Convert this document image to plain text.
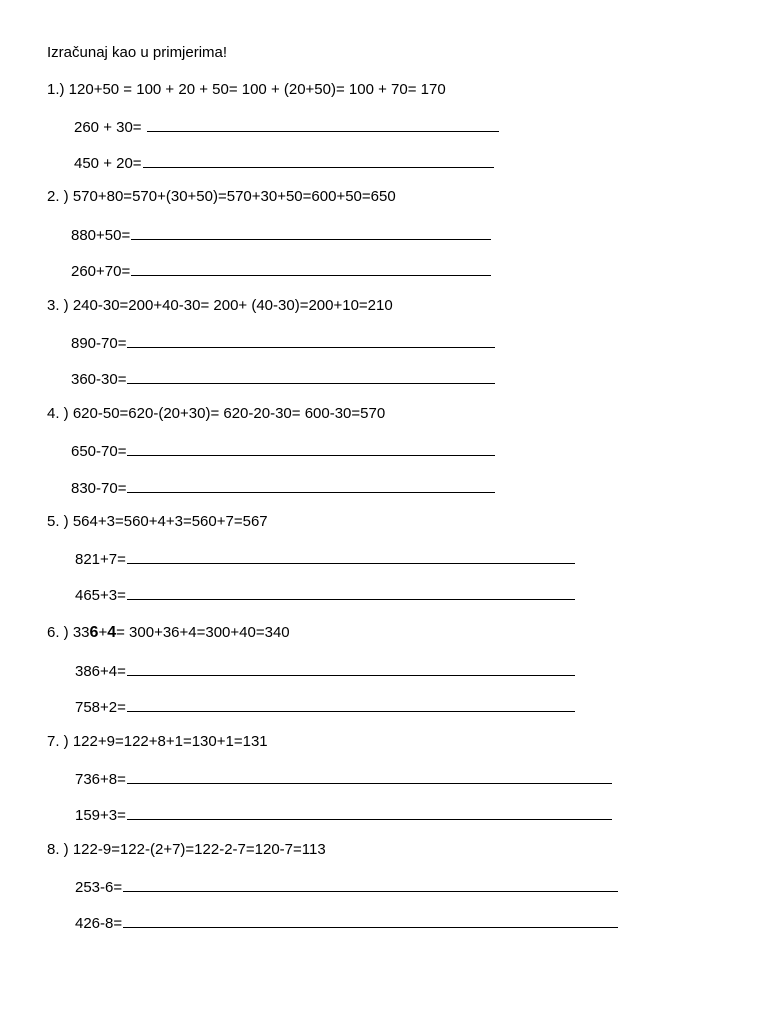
Izračunaj kao u primjerima!
1.) 120+50 = 100 + 20 + 50= 100 + (20+50)= 100 + 70= 170
260 + 30=
450 + 20=
2. ) 570+80=570+(30+50)=570+30+50=600+50=650
880+50=
260+70=
3. ) 240-30=200+40-30= 200+ (40-30)=200+10=210
890-70=
360-30=
4. ) 620-50=620-(20+30)= 620-20-30= 600-30=570
650-70=
830-70=
5. ) 564+3=560+4+3=560+7=567
821+7=
465+3=
6. ) 336+4= 300+36+4=300+40=340
386+4=
758+2=
7. ) 122+9=122+8+1=130+1=131
736+8=
159+3=
8. ) 122-9=122-(2+7)=122-2-7=120-7=113
253-6=
426-8=
